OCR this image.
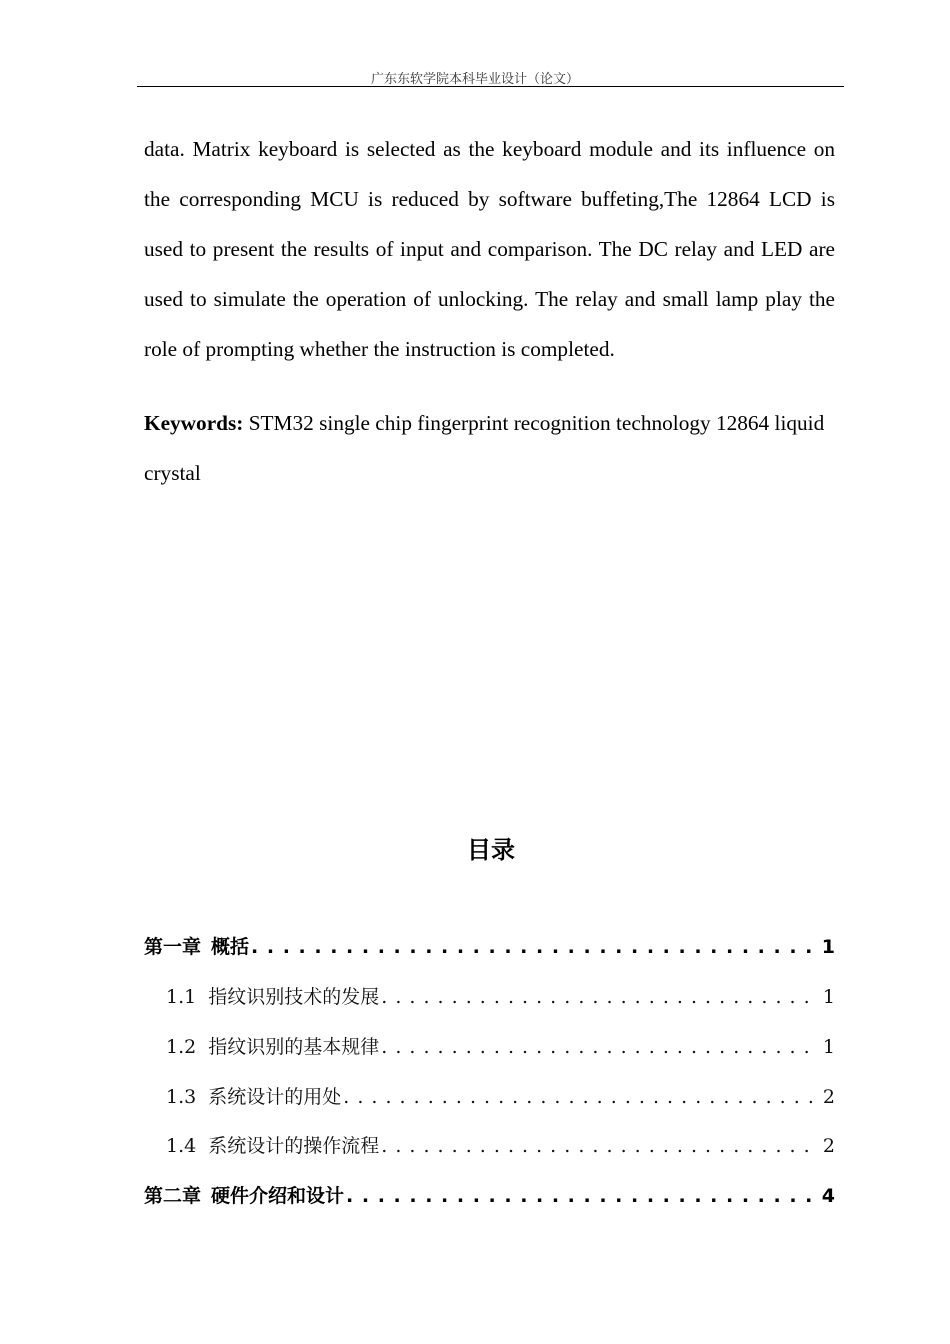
广东东软学院本科毕业设计（论文）

data. Matrix keyboard is selected as the keyboard module and its influence on the corresponding MCU is reduced by software buffeting,The 12864 LCD is used to present the results of input and comparison. The DC relay and LED are used to simulate the operation of unlocking. The relay and small lamp play the role of prompting whether the instruction is completed.

Keywords: STM32 single chip fingerprint recognition technology 12864 liquid crystal

目录
第一章 概括 . . .	1
1.1 指纹识别技术的发展 . . .	1
1.2 指纹识别的基本规律 . . .	1
1.3 系统设计的用处 . . .	2
1.4 系统设计的操作流程 . . .	2
第二章 硬件介绍和设计 . . .	4
